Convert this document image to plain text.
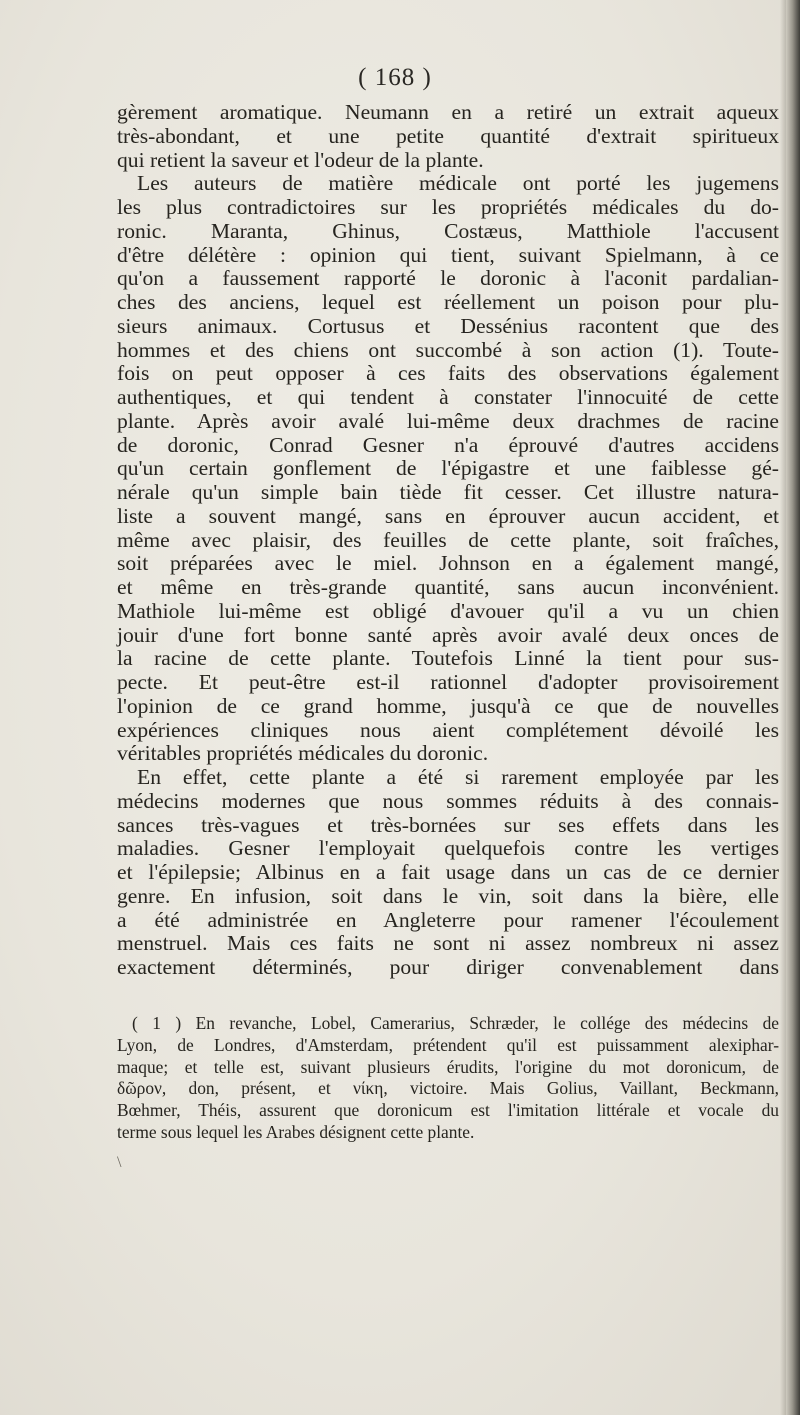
( 168 )
gèrement aromatique. Neumann en a retiré un extrait aqueux
très-abondant, et une petite quantité d'extrait spiritueux
qui retient la saveur et l'odeur de la plante.
Les auteurs de matière médicale ont porté les jugemens
les plus contradictoires sur les propriétés médicales du do-
ronic. Maranta, Ghinus, Costæus, Matthiole l'accusent
d'être délétère : opinion qui tient, suivant Spielmann, à ce
qu'on a faussement rapporté le doronic à l'aconit pardalian-
ches des anciens, lequel est réellement un poison pour plu-
sieurs animaux. Cortusus et Dessénius racontent que des
hommes et des chiens ont succombé à son action (1). Toute-
fois on peut opposer à ces faits des observations également
authentiques, et qui tendent à constater l'innocuité de cette
plante. Après avoir avalé lui-même deux drachmes de racine
de doronic, Conrad Gesner n'a éprouvé d'autres accidens
qu'un certain gonflement de l'épigastre et une faiblesse gé-
nérale qu'un simple bain tiède fit cesser. Cet illustre natura-
liste a souvent mangé, sans en éprouver aucun accident, et
même avec plaisir, des feuilles de cette plante, soit fraîches,
soit préparées avec le miel. Johnson en a également mangé,
et même en très-grande quantité, sans aucun inconvénient.
Mathiole lui-même est obligé d'avouer qu'il a vu un chien
jouir d'une fort bonne santé après avoir avalé deux onces de
la racine de cette plante. Toutefois Linné la tient pour sus-
pecte. Et peut-être est-il rationnel d'adopter provisoirement
l'opinion de ce grand homme, jusqu'à ce que de nouvelles
expériences cliniques nous aient complétement dévoilé les
véritables propriétés médicales du doronic.
En effet, cette plante a été si rarement employée par les
médecins modernes que nous sommes réduits à des connais-
sances très-vagues et très-bornées sur ses effets dans les
maladies. Gesner l'employait quelquefois contre les vertiges
et l'épilepsie; Albinus en a fait usage dans un cas de ce dernier
genre. En infusion, soit dans le vin, soit dans la bière, elle
a été administrée en Angleterre pour ramener l'écoulement
menstruel. Mais ces faits ne sont ni assez nombreux ni assez
exactement déterminés, pour diriger convenablement dans
( 1 ) En revanche, Lobel, Camerarius, Schræder, le collége des médecins de
Lyon, de Londres, d'Amsterdam, prétendent qu'il est puissamment alexiphar-
maque; et telle est, suivant plusieurs érudits, l'origine du mot doronicum, de
δῶρον, don, présent, et νίκη, victoire. Mais Golius, Vaillant, Beckmann,
Bœhmer, Théis, assurent que doronicum est l'imitation littérale et vocale du
terme sous lequel les Arabes désignent cette plante.
\
